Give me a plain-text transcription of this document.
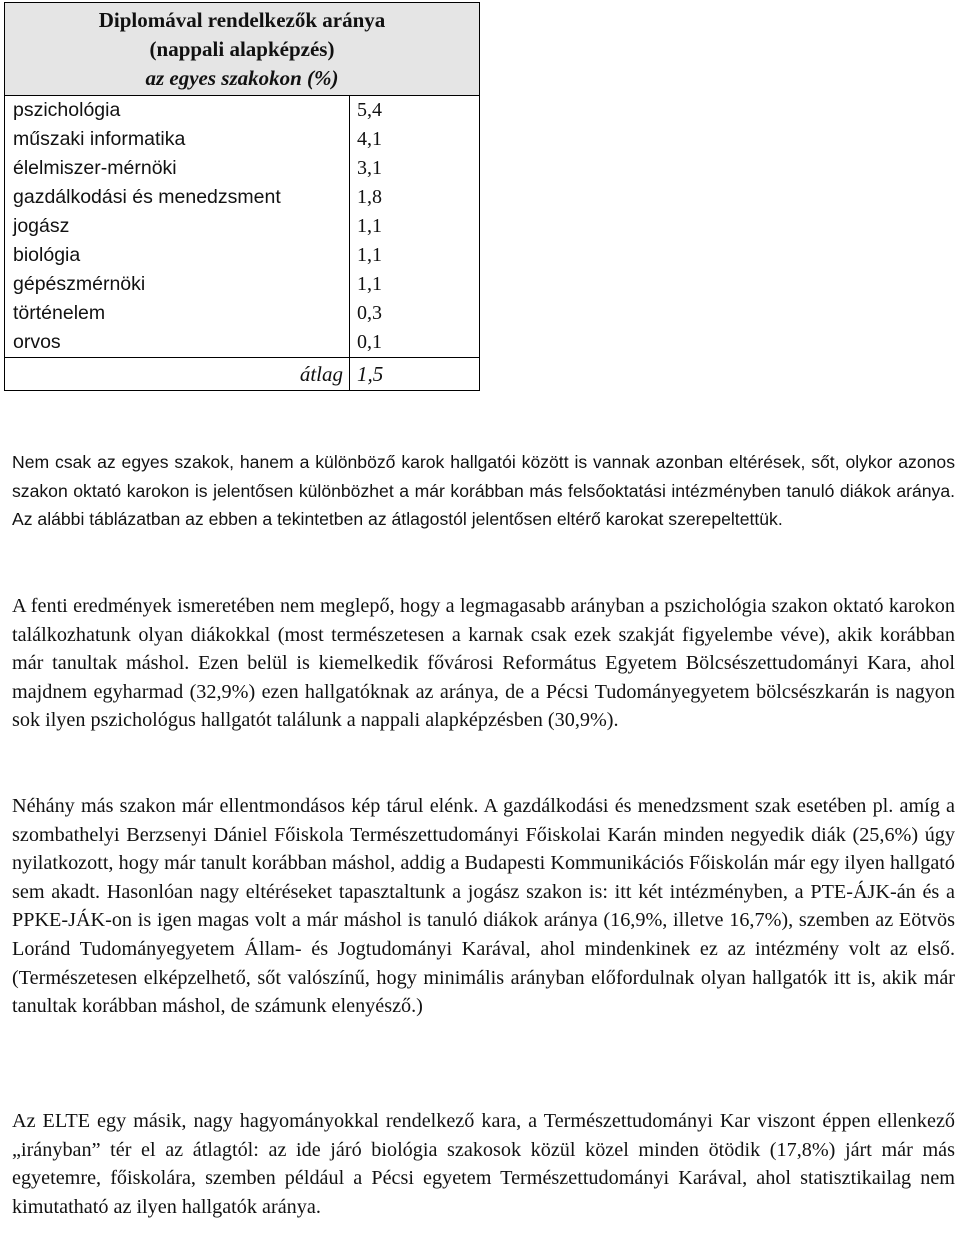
Diplomával rendelkezők aránya
(nappali alapképzés)
az egyes szakokon (%)	

pszichológia	5,4
műszaki informatika	4,1
élelmiszer-mérnöki	3,1
gazdálkodási és menedzsment	1,8
jogász	1,1
biológia	1,1
gépészmérnöki	1,1
történelem	0,3
orvos	0,1
átlag	1,5

Nem csak az egyes szakok, hanem a különböző karok hallgatói között is vannak azonban eltérések, sőt, olykor azonos szakon oktató karokon is jelentősen különbözhet a már korábban más felsőoktatási intézményben tanuló diákok aránya. Az alábbi táblázatban az ebben a tekintetben az átlagostól jelentősen eltérő karokat szerepeltettük.

A fenti eredmények ismeretében nem meglepő, hogy a legmagasabb arányban a pszichológia szakon oktató karokon találkozhatunk olyan diákokkal (most természetesen a karnak csak ezek szakját figyelembe véve), akik korábban már tanultak máshol. Ezen belül is kiemelkedik fővárosi Református Egyetem Bölcsészettudományi Kara, ahol majdnem egyharmad (32,9%) ezen hallgatóknak az aránya, de a Pécsi Tudományegyetem bölcsészkarán is nagyon sok ilyen pszichológus hallgatót találunk a nappali alapképzésben (30,9%).

Néhány más szakon már ellentmondásos kép tárul elénk. A gazdálkodási és menedzsment szak esetében pl. amíg a szombathelyi Berzsenyi Dániel Főiskola Természettudományi Főiskolai Karán minden negyedik diák (25,6%) úgy nyilatkozott, hogy már tanult korábban máshol, addig a Budapesti Kommunikációs Főiskolán már egy ilyen hallgató sem akadt. Hasonlóan nagy eltéréseket tapasztaltunk a jogász szakon is: itt két intézményben, a PTE-ÁJK-án és a PPKE-JÁK-on is igen magas volt a már máshol is tanuló diákok aránya (16,9%, illetve 16,7%), szemben az Eötvös Loránd Tudományegyetem Állam- és Jogtudományi Karával, ahol mindenkinek ez az intézmény volt az első. (Természetesen elképzelhető, sőt valószínű, hogy minimális arányban előfordulnak olyan hallgatók itt is, akik már tanultak korábban máshol, de számunk elenyésző.)

Az ELTE egy másik, nagy hagyományokkal rendelkező kara, a Természettudományi Kar viszont éppen ellenkező „irányban” tér el az átlagtól: az ide járó biológia szakosok közül közel minden ötödik (17,8%) járt már más egyetemre, főiskolára, szemben például a Pécsi egyetem Természettudományi Karával, ahol statisztikailag nem kimutatható az ilyen hallgatók aránya.
